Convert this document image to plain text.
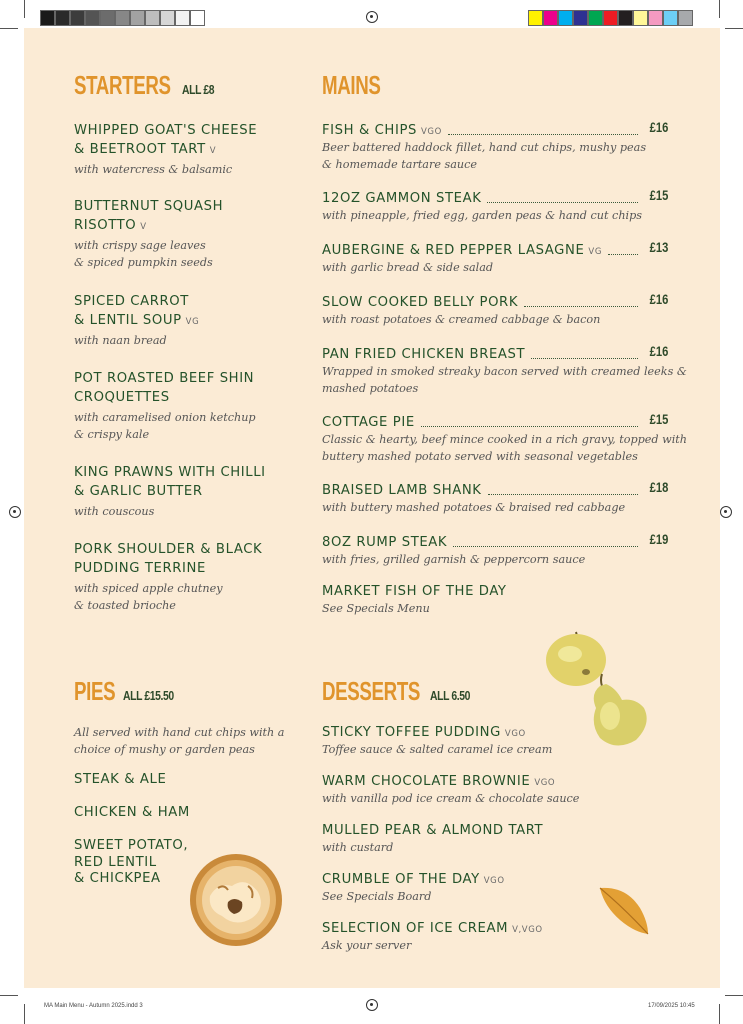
STARTERS ALL £8
WHIPPED GOAT'S CHEESE
& BEETROOT TART V
with watercress & balsamic
BUTTERNUT SQUASH
RISOTTO V
with crispy sage leaves
& spiced pumpkin seeds
SPICED CARROT
& LENTIL SOUP VG
with naan bread
POT ROASTED BEEF SHIN
CROQUETTES
with caramelised onion ketchup
& crispy kale
KING PRAWNS WITH CHILLI
& GARLIC BUTTER
with couscous
PORK SHOULDER & BLACK
PUDDING TERRINE
with spiced apple chutney
& toasted brioche
MAINS
FISH & CHIPS VGO	£16
Beer battered haddock fillet, hand cut chips, mushy peas
& homemade tartare sauce
12OZ GAMMON STEAK	£15
with pineapple, fried egg, garden peas & hand cut chips
AUBERGINE & RED PEPPER LASAGNE VG	£13
with garlic bread & side salad
SLOW COOKED BELLY PORK	£16
with roast potatoes & creamed cabbage & bacon
PAN FRIED CHICKEN BREAST	£16
Wrapped in smoked streaky bacon served with creamed leeks &
mashed potatoes
COTTAGE PIE	£15
Classic & hearty, beef mince cooked in a rich gravy, topped with
buttery mashed potato served with seasonal vegetables
BRAISED LAMB SHANK	£18
with buttery mashed potatoes & braised red cabbage
8OZ RUMP STEAK	£19
with fries, grilled garnish & peppercorn sauce
MARKET FISH OF THE DAY
See Specials Menu
PIES ALL £15.50
All served with hand cut chips with a
choice of mushy or garden peas
STEAK & ALE
CHICKEN & HAM
SWEET POTATO,
RED LENTIL
& CHICKPEA
DESSERTS ALL 6.50
STICKY TOFFEE PUDDING VGO
Toffee sauce & salted caramel ice cream
WARM CHOCOLATE BROWNIE VGO
with vanilla pod ice cream & chocolate sauce
MULLED PEAR & ALMOND TART
with custard
CRUMBLE OF THE DAY VGO
See Specials Board
SELECTION OF ICE CREAM V,VGO
Ask your server
MA Main Menu - Autumn 2025.indd 3	17/09/2025 10:45
